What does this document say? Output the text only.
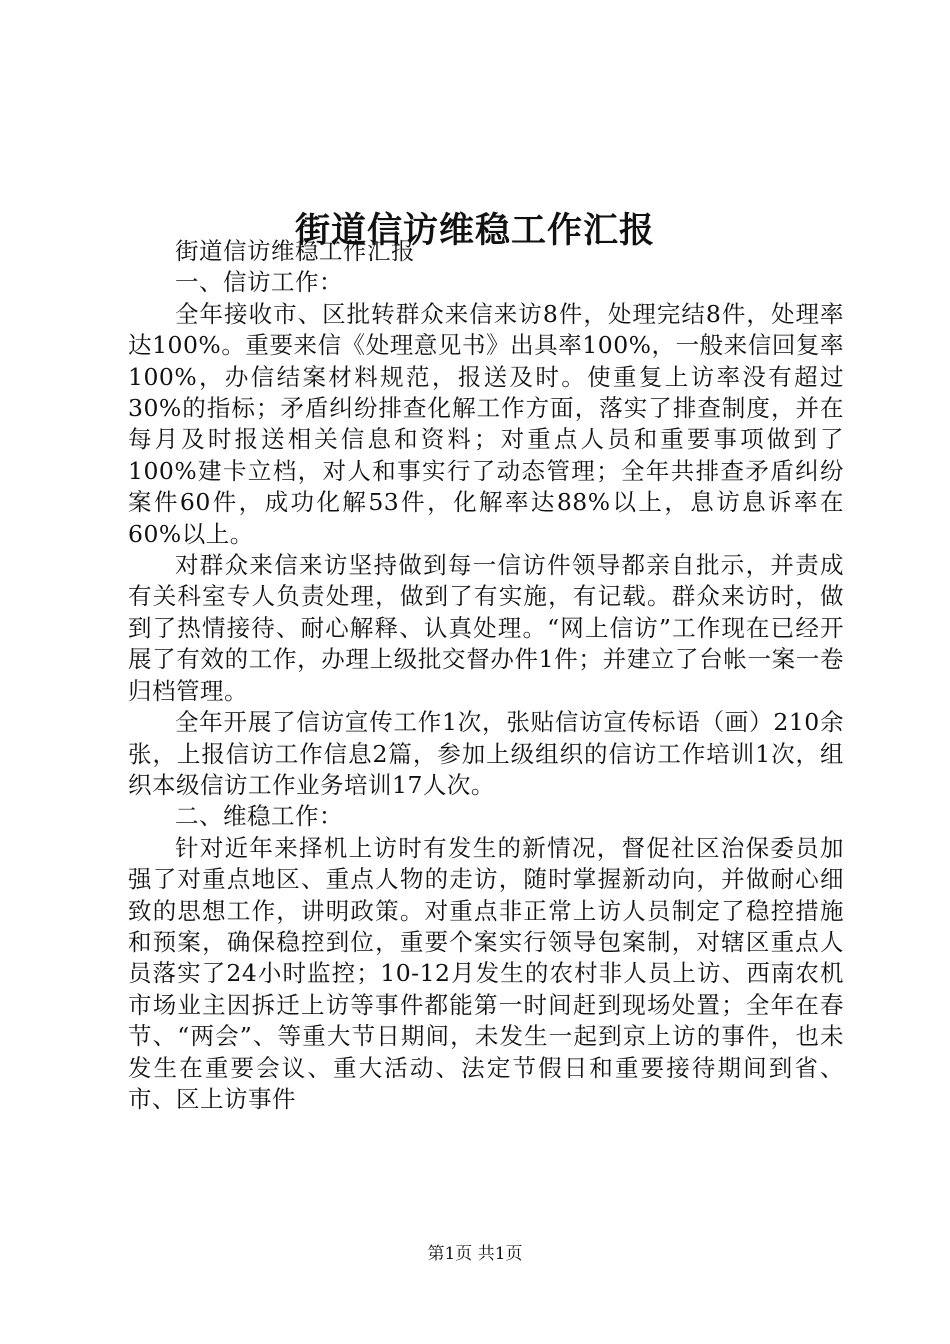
街道信访维稳工作汇报

街道信访维稳工作汇报

一、信访工作：

全年接收市、区批转群众来信来访8件，处理完结8件，处理率达100%。重要来信《处理意见书》出具率100%，一般来信回复率100%，办信结案材料规范，报送及时。使重复上访率没有超过30%的指标；矛盾纠纷排查化解工作方面，落实了排查制度，并在每月及时报送相关信息和资料；对重点人员和重要事项做到了100%建卡立档，对人和事实行了动态管理；全年共排查矛盾纠纷案件60件，成功化解53件，化解率达88%以上，息访息诉率在60%以上。

对群众来信来访坚持做到每一信访件领导都亲自批示，并责成有关科室专人负责处理，做到了有实施，有记载。群众来访时，做到了热情接待、耐心解释、认真处理。“网上信访”工作现在已经开展了有效的工作，办理上级批交督办件1件；并建立了台帐一案一卷归档管理。

全年开展了信访宣传工作1次，张贴信访宣传标语（画）210余张，上报信访工作信息2篇，参加上级组织的信访工作培训1次，组织本级信访工作业务培训17人次。

二、维稳工作：

针对近年来择机上访时有发生的新情况，督促社区治保委员加强了对重点地区、重点人物的走访，随时掌握新动向，并做耐心细致的思想工作，讲明政策。对重点非正常上访人员制定了稳控措施和预案，确保稳控到位，重要个案实行领导包案制，对辖区重点人员落实了24小时监控；10-12月发生的农村非人员上访、西南农机市场业主因拆迁上访等事件都能第一时间赶到现场处置；全年在春节、“两会”、等重大节日期间，未发生一起到京上访的事件，也未发生在重要会议、重大活动、法定节假日和重要接待期间到省、市、区上访事件

第1页 共1页
